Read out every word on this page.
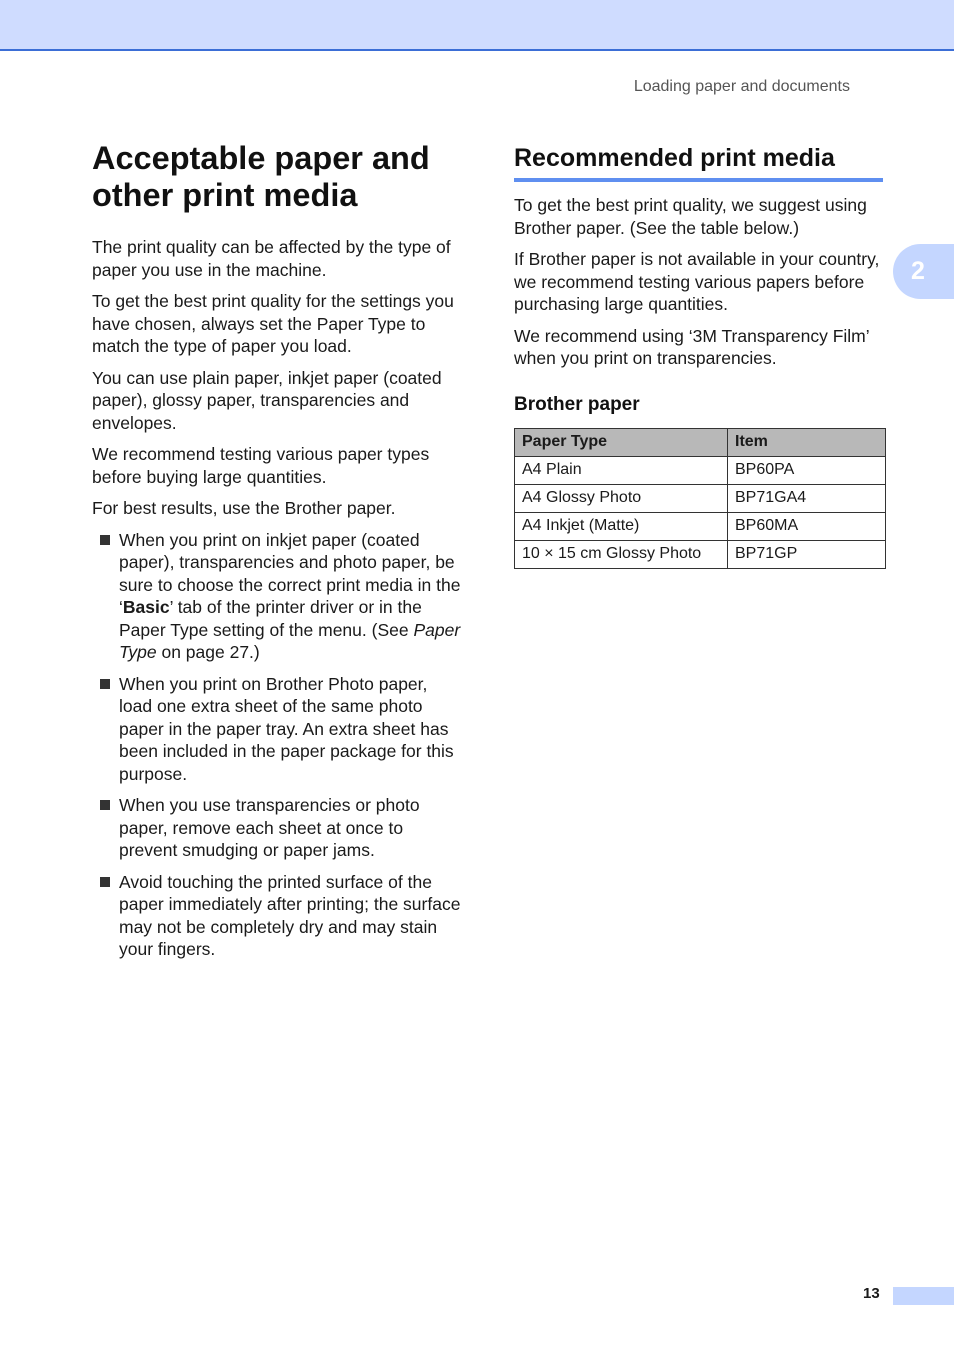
Loading paper and documents
2
Acceptable paper and other print media

The print quality can be affected by the type of paper you use in the machine.

To get the best print quality for the settings you have chosen, always set the Paper Type to match the type of paper you load.

You can use plain paper, inkjet paper (coated paper), glossy paper, transparencies and envelopes.

We recommend testing various paper types before buying large quantities.

For best results, use the Brother paper.

When you print on inkjet paper (coated paper), transparencies and photo paper, be sure to choose the correct print media in the ‘Basic’ tab of the printer driver or in the Paper Type setting of the menu. (See Paper Type on page 27.)
When you print on Brother Photo paper, load one extra sheet of the same photo paper in the paper tray. An extra sheet has been included in the paper package for this purpose.
When you use transparencies or photo paper, remove each sheet at once to prevent smudging or paper jams.
Avoid touching the printed surface of the paper immediately after printing; the surface may not be completely dry and may stain your fingers.
Recommended print media

To get the best print quality, we suggest using Brother paper. (See the table below.)

If Brother paper is not available in your country, we recommend testing various papers before purchasing large quantities.

We recommend using ‘3M Transparency Film’ when you print on transparencies.

Brother paper
Paper Type	Item
A4 Plain	BP60PA
A4 Glossy Photo	BP71GA4
A4 Inkjet (Matte)	BP60MA
10 × 15 cm Glossy Photo	BP71GP
13
